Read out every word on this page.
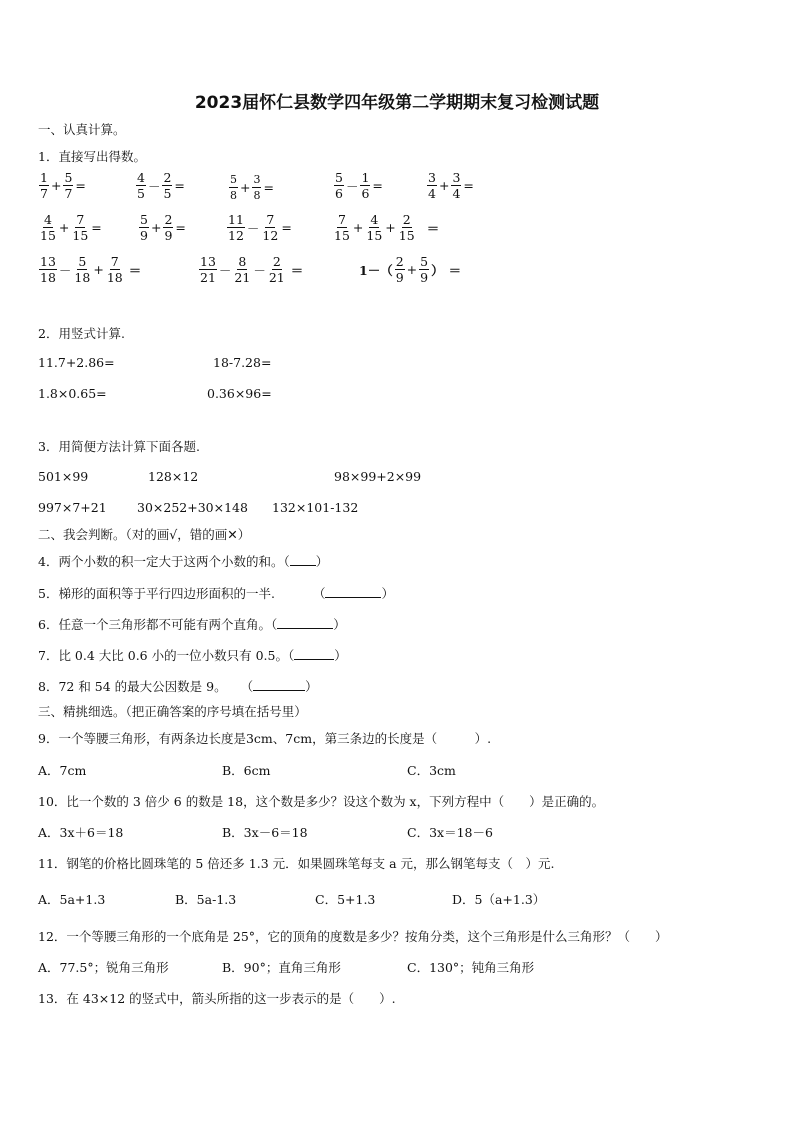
2023届怀仁县数学四年级第二学期期末复习检测试题
一、认真计算。
1．直接写出得数。
$\frac{1}{7} + \frac{5}{7}$ =	$\frac{4}{5} - \frac{2}{5}$ =	$\frac{5}{8} + \frac{3}{8}$ =	$\frac{5}{6} - \frac{1}{6}$ =	$\frac{3}{4} + \frac{3}{4}$ =
$\frac{4}{15} + \frac{7}{15}$ =	$\frac{5}{9} + \frac{2}{9}$ =	$\frac{11}{12} - \frac{7}{12}$ =	$\frac{7}{15} + \frac{4}{15} + \frac{2}{15}$ ＝
$\frac{13}{18} - \frac{5}{18} + \frac{7}{18}$ ＝	$\frac{13}{21} - \frac{8}{21} - \frac{2}{21}$ ＝	$1-( \frac{2}{9} + \frac{5}{9}$ ） ＝
2．用竖式计算.
11.7+2.86=	18-7.28=
1.8×0.65=	0.36×96=
3．用简便方法计算下面各题.
501×99	128×12	98×99+2×99
997×7+21 30×252+30×148 132×101-132
二、我会判断。（对的画√，错的画✕）
4．两个小数的积一定大于这两个小数的和。（ ）
5．梯形的面积等于平行四边形面积的一半.	（	）
6．任意一个三角形都不可能有两个直角。（	）
7．比 0.4 大比 0.6 小的一位小数只有 0.5。（	）
8．72 和 54 的最大公因数是 9。 （	）
三、精挑细选。（把正确答案的序号填在括号里）
9．一个等腰三角形，有两条边长度是3cm、7cm，第三条边的长度是（　　　）.
A．7cm	B．6cm	C．3cm
10．比一个数的 3 倍少 6 的数是 18，这个数是多少？设这个数为 x，下列方程中（　　）是正确的。
A．3x＋6＝18	B．3x－6＝18	C．3x＝18－6
11．钢笔的价格比圆珠笔的 5 倍还多 1.3 元．如果圆珠笔每支 a 元，那么钢笔每支（　）元.
A．5a+1.3	B．5a-1.3	C．5+1.3	D．5（a+1.3）
12．一个等腰三角形的一个底角是 25°，它的顶角的度数是多少？按角分类，这个三角形是什么三角形？（　　）
A．77.5°；锐角三角形	B．90°；直角三角形	C．130°；钝角三角形
13．在 43×12 的竖式中，箭头所指的这一步表示的是（　　）.
